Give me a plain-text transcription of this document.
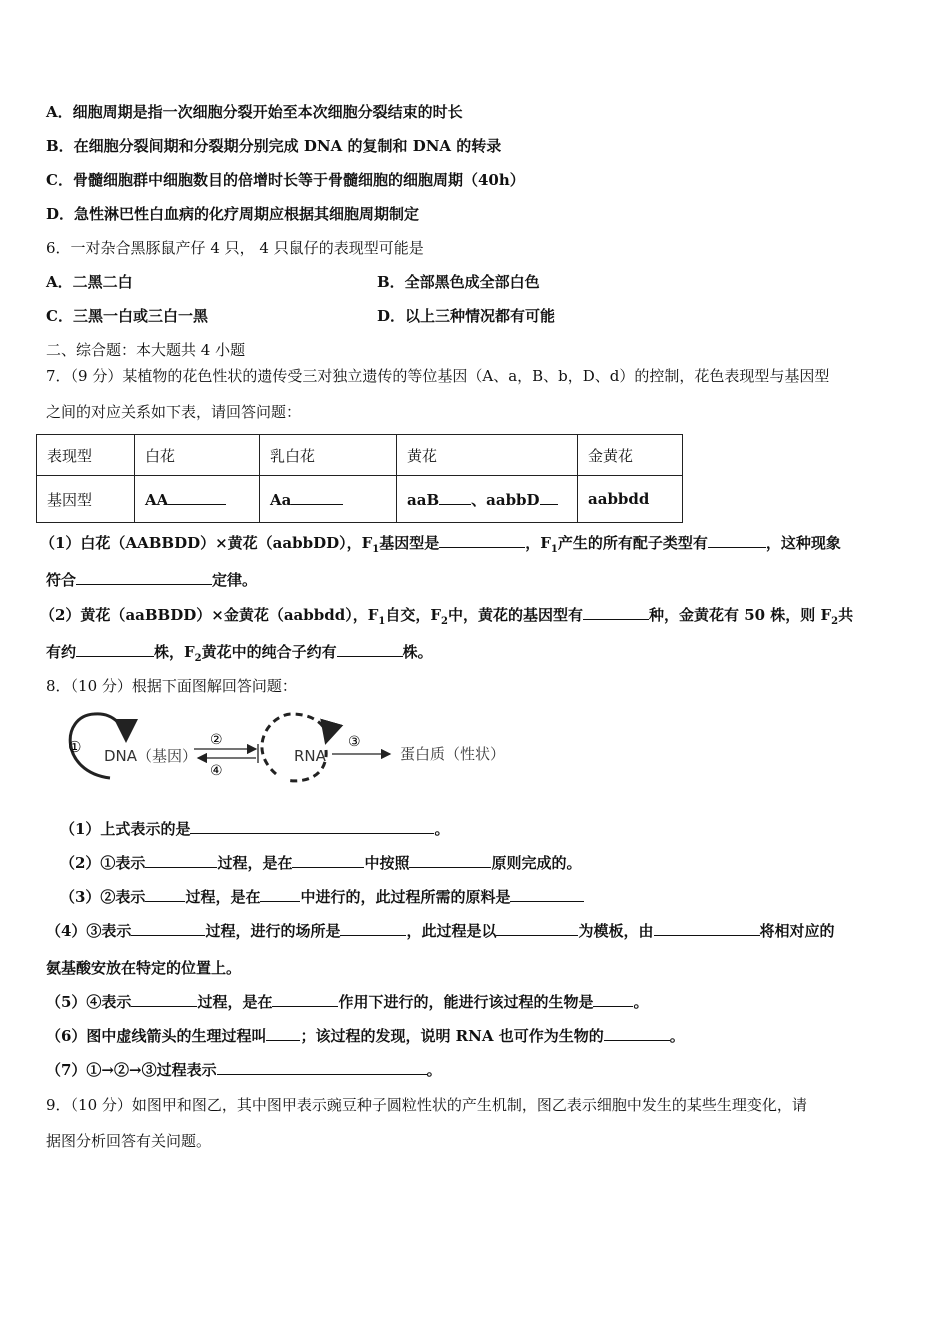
A．细胞周期是指一次细胞分裂开始至本次细胞分裂结束的时长
B．在细胞分裂间期和分裂期分别完成 DNA 的复制和 DNA 的转录
C．骨髓细胞群中细胞数目的倍增时长等于骨髓细胞的细胞周期（40h）
D．急性淋巴性白血病的化疗周期应根据其细胞周期制定
6．一对杂合黑豚鼠产仔 4 只， 4 只鼠仔的表现型可能是
A．二黑二白	B．全部黑色成全部白色
C．三黑一白或三白一黑	D．以上三种情况都有可能
二、综合题：本大题共 4 小题
7．（9 分）某植物的花色性状的遗传受三对独立遗传的等位基因（A、a，B、b，D、d）的控制，花色表现型与基因型
之间的对应关系如下表，请回答问题：
表现型	白花	乳白花	黄花	金黄花
基因型	AA	Aa	aaB 、aabbD	aabbdd
（1）白花（AABBDD）×黄花（aabbDD），$F_1$基因型是	，$F_1$产生的所有配子类型有	，这种现象
符合	定律。
（2）黄花（aaBBDD）×金黄花（aabbdd），$F_1$自交，$F_2$中，黄花的基因型有	种，金黄花有 50 株，则 $F_2$共
有约	株，$F_2$黄花中的纯合子约有	株。
8．（10 分）根据下面图解回答问题：
① DNA（基因）
②
④
RNA
③
蛋白质（性状）
（1）上式表示的是	。
（2）①表示	过程，是在	中按照	原则完成的。
（3）②表示	过程，是在	中进行的，此过程所需的原料是
（4）③表示	过程，进行的场所是	，此过程是以	为模板，由	将相对应的
氨基酸安放在特定的位置上。
（5）④表示	过程，是在	作用下进行的，能进行该过程的生物是	。
（6）图中虚线箭头的生理过程叫 ；该过程的发现，说明 RNA 也可作为生物的	。
（7）①→②→③过程表示	。
9．（10 分）如图甲和图乙，其中图甲表示豌豆种子圆粒性状的产生机制，图乙表示细胞中发生的某些生理变化，请
据图分析回答有关问题。
